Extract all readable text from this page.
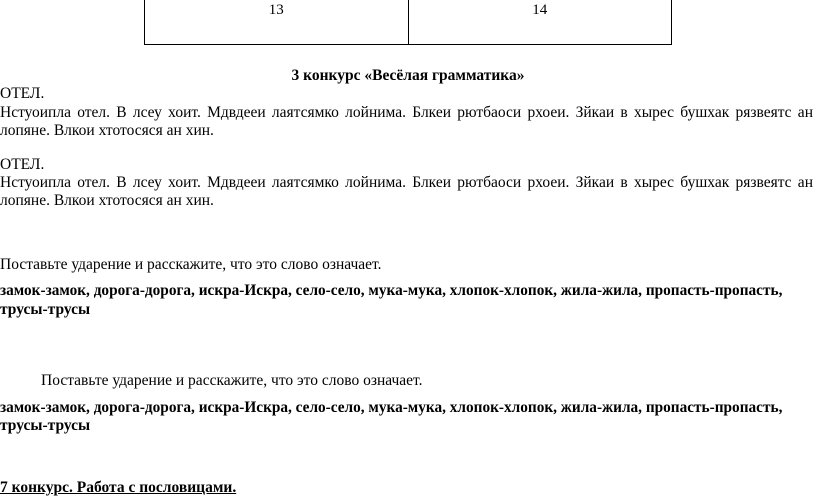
13	14
3 конкурс «Весёлая грамматика»
ОТЕЛ.
Нстуоипла отел. В лсеу хоит. Мдвдееи лаятсямко лойнима. Блкеи рютбаоси рхоеи. Зйкаи в хырес бушхак рязвеятс ан
лопяне. Влкои хтотосяся ан хин.
ОТЕЛ.
Нстуоипла отел. В лсеу хоит. Мдвдееи лаятсямко лойнима. Блкеи рютбаоси рхоеи. Зйкаи в хырес бушхак рязвеятс ан
лопяне. Влкои хтотосяся ан хин.
Поставьте ударение и расскажите, что это слово означает.
замок-замок, дорога-дорога, искра-Искра, село-село, мука-мука, хлопок-хлопок, жила-жила, пропасть-пропасть,
трусы-трусы
Поставьте ударение и расскажите, что это слово означает.
замок-замок, дорога-дорога, искра-Искра, село-село, мука-мука, хлопок-хлопок, жила-жила, пропасть-пропасть,
трусы-трусы
7 конкурс. Работа с пословицами.
